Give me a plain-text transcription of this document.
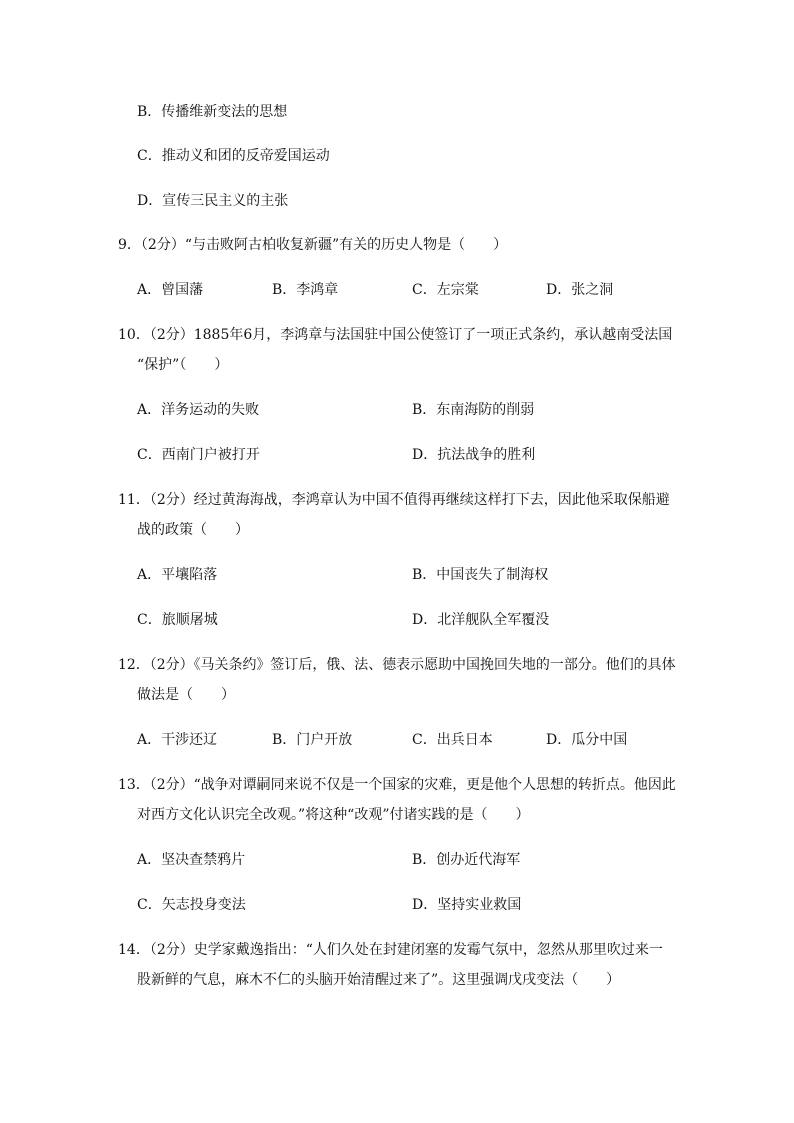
B．传播维新变法的思想
C．推动义和团的反帝爱国运动
D．宣传三民主义的主张
9．（2分）“与击败阿古柏收复新疆”有关的历史人物是（　　）
A．曾国藩	B．李鸿章	C．左宗棠	D．张之洞
10．（2分）1885年6月，李鸿章与法国驻中国公使签订了一项正式条约，承认越南受法国
“保护”（　　）
A．洋务运动的失败	B．东南海防的削弱
C．西南门户被打开	D．抗法战争的胜利
11．（2分）经过黄海海战，李鸿章认为中国不值得再继续这样打下去，因此他采取保船避
战的政策（　　）
A．平壤陷落	B．中国丧失了制海权
C．旅顺屠城	D．北洋舰队全军覆没
12．（2分）《马关条约》签订后，俄、法、德表示愿助中国挽回失地的一部分。他们的具体
做法是（　　）
A．干涉还辽	B．门户开放	C．出兵日本	D．瓜分中国
13．（2分）“战争对谭嗣同来说不仅是一个国家的灾难，更是他个人思想的转折点。他因此
对西方文化认识完全改观。”将这种“改观”付诸实践的是（　　）
A．坚决查禁鸦片	B．创办近代海军
C．矢志投身变法	D．坚持实业救国
14．（2分）史学家戴逸指出：“人们久处在封建闭塞的发霉气氛中，忽然从那里吹过来一
股新鲜的气息，麻木不仁的头脑开始清醒过来了”。这里强调戊戌变法（　　）
